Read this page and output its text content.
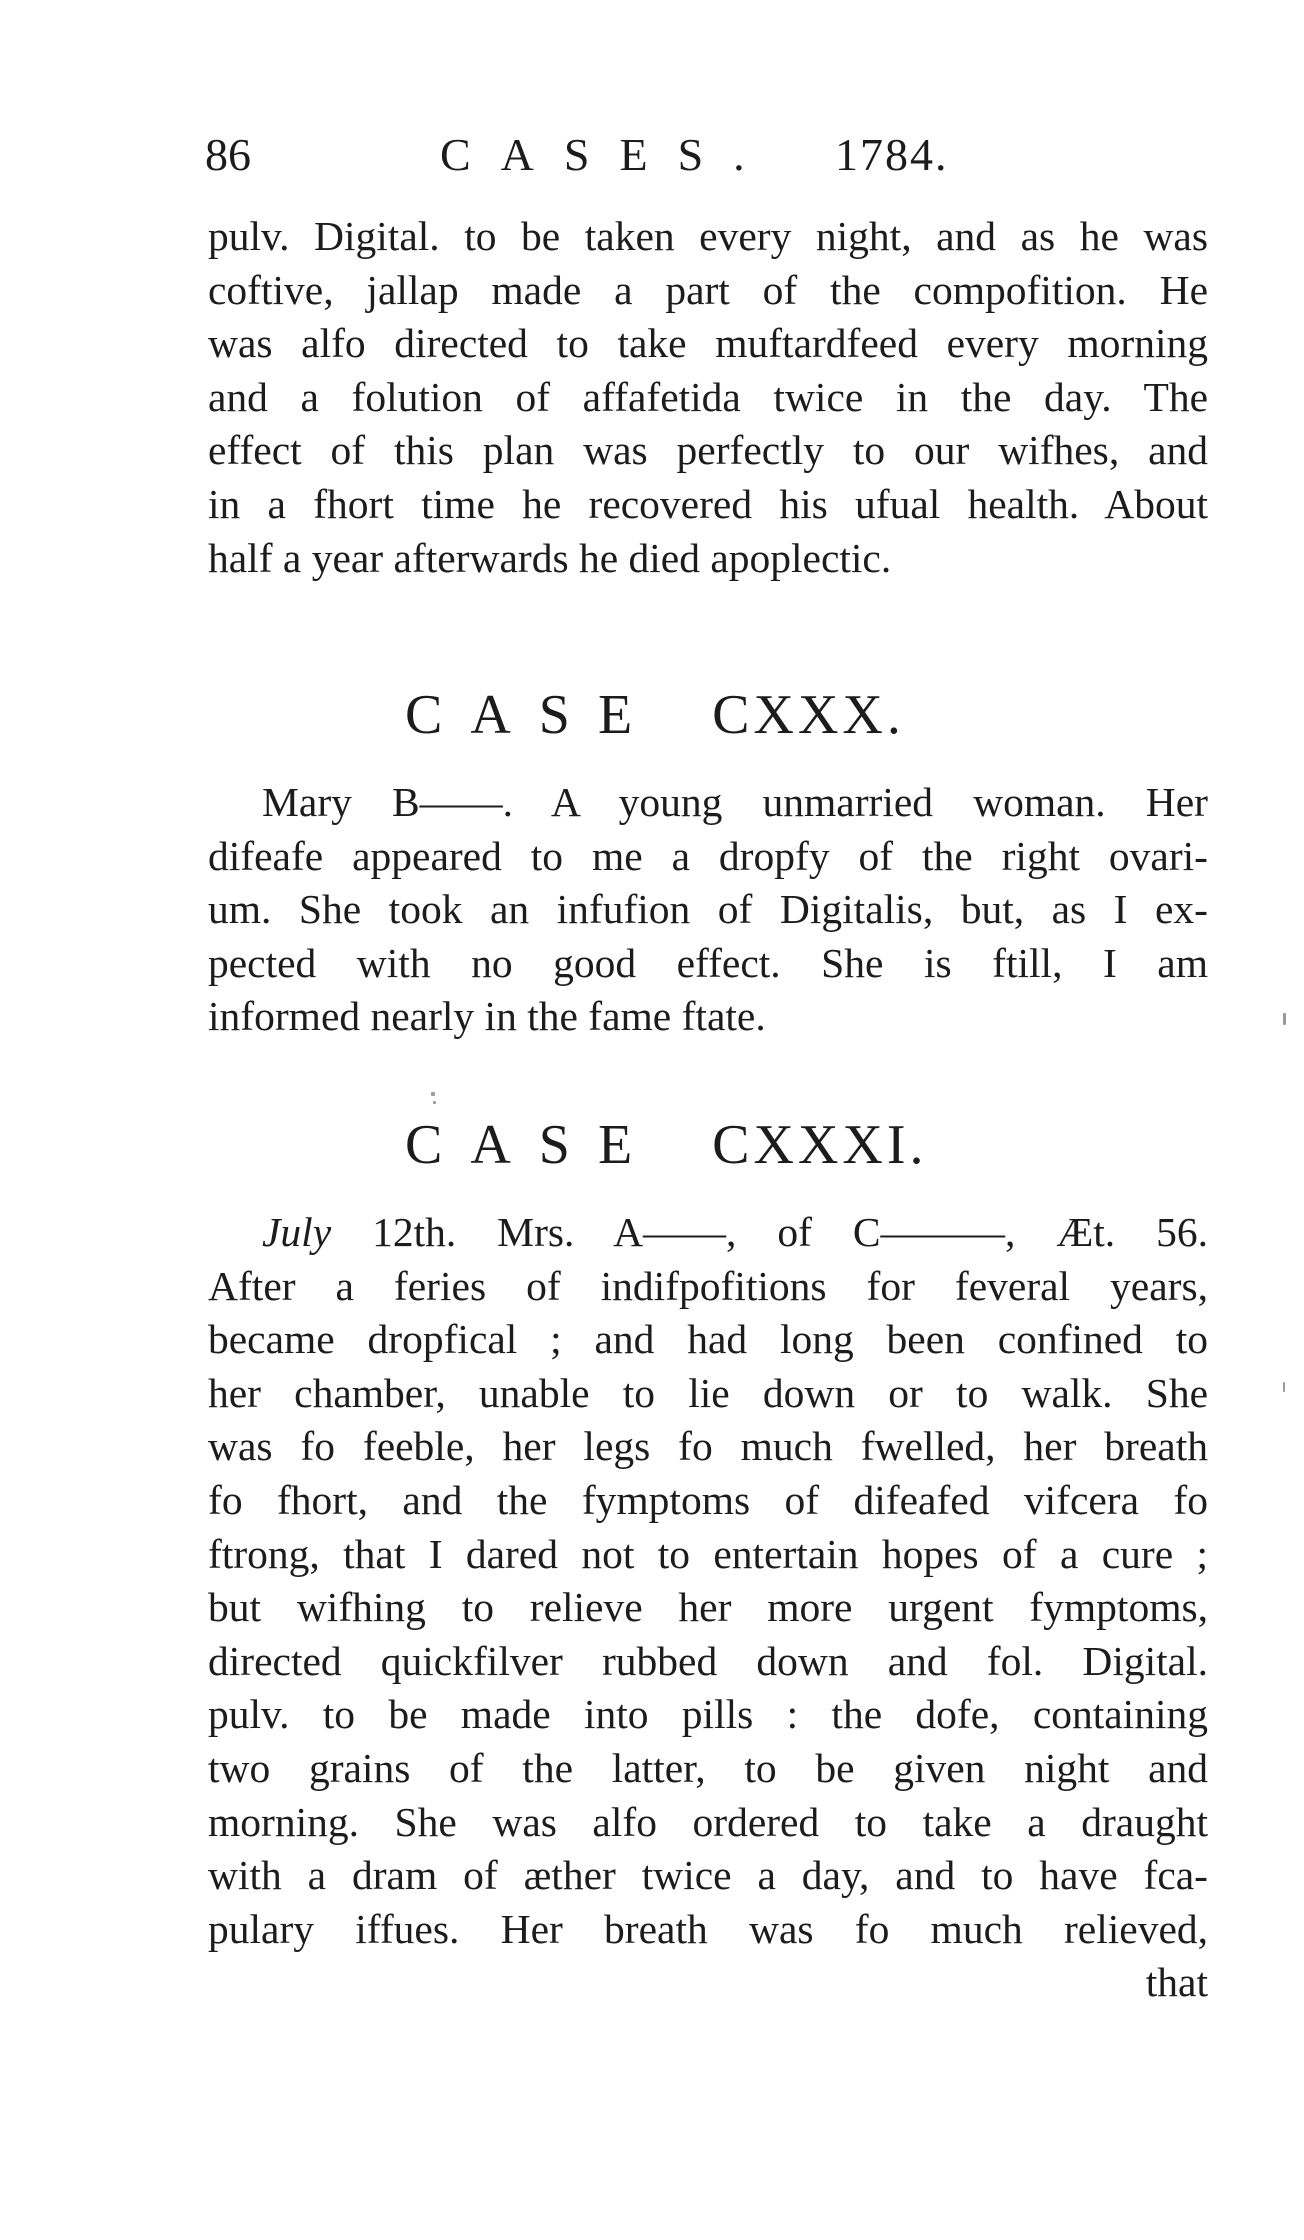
86	CASES. 1784.
pulv. Digital. to be taken every night, and as he was
coftive, jallap made a part of the compofition. He
was alfo directed to take muftardfeed every morning
and a folution of affafetida twice in the day. The
effect of this plan was perfectly to our wifhes, and
in a fhort time he recovered his ufual health. About
half a year afterwards he died apoplectic.
CASE CXXX.
Mary B——. A young unmarried woman. Her
difeafe appeared to me a dropfy of the right ovari-
um. She took an infufion of Digitalis, but, as I ex-
pected with no good effect. She is ftill, I am
informed nearly in the fame ftate.
CASE CXXXI.
July 12th. Mrs. A——, of C———, Æt. 56.
After a feries of indifpofitions for feveral years,
became dropfical ; and had long been confined to
her chamber, unable to lie down or to walk. She
was fo feeble, her legs fo much fwelled, her breath
fo fhort, and the fymptoms of difeafed vifcera fo
ftrong, that I dared not to entertain hopes of a cure ;
but wifhing to relieve her more urgent fymptoms,
directed quickfilver rubbed down and fol. Digital.
pulv. to be made into pills : the dofe, containing
two grains of the latter, to be given night and
morning. She was alfo ordered to take a draught
with a dram of æther twice a day, and to have fca-
pulary iffues. Her breath was fo much relieved,
that
